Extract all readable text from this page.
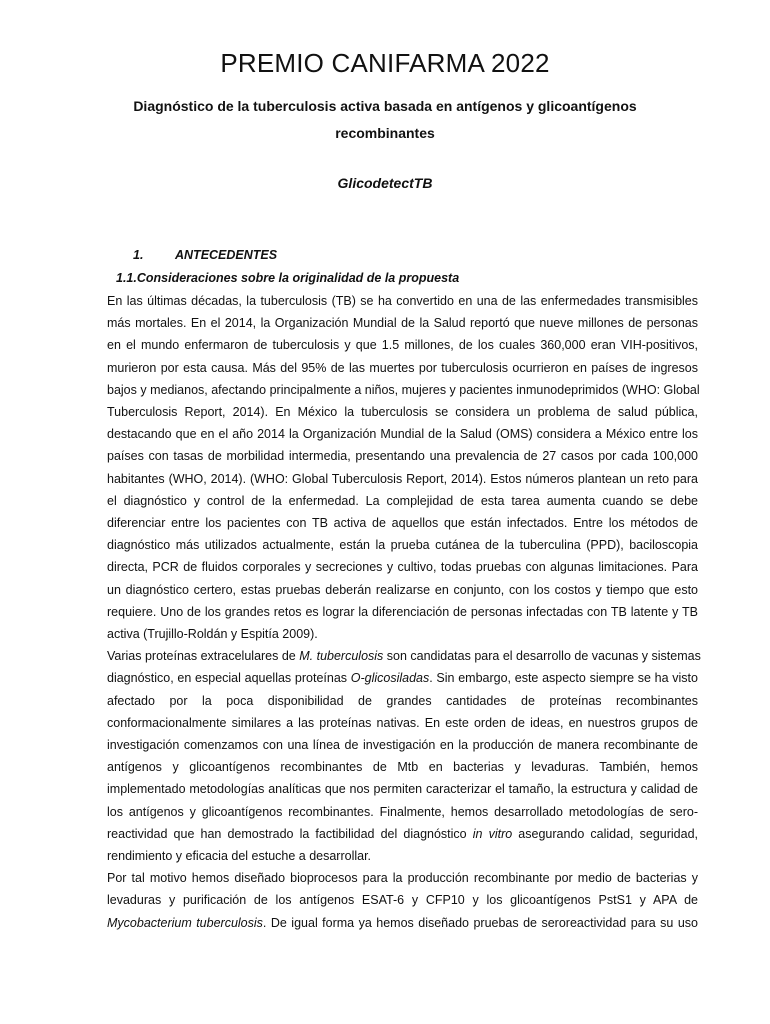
PREMIO CANIFARMA 2022
Diagnóstico de la tuberculosis activa basada en antígenos y glicoantígenos recombinantes
GlicodetectTB
1.	ANTECEDENTES
1.1.Consideraciones sobre la originalidad de la propuesta

En las últimas décadas, la tuberculosis (TB) se ha convertido en una de las enfermedades transmisibles
más mortales. En el 2014, la Organización Mundial de la Salud reportó que nueve millones de personas
en el mundo enfermaron de tuberculosis y que 1.5 millones, de los cuales 360,000 eran VIH-positivos,
murieron por esta causa. Más del 95% de las muertes por tuberculosis ocurrieron en países de ingresos
bajos y medianos, afectando principalmente a niños, mujeres y pacientes inmunodeprimidos (WHO: Global
Tuberculosis Report, 2014). En México la tuberculosis se considera un problema de salud pública,
destacando que en el año 2014 la Organización Mundial de la Salud (OMS) considera a México entre los
países con tasas de morbilidad intermedia, presentando una prevalencia de 27 casos por cada 100,000
habitantes (WHO, 2014). (WHO: Global Tuberculosis Report, 2014). Estos números plantean un reto para
el diagnóstico y control de la enfermedad. La complejidad de esta tarea aumenta cuando se debe
diferenciar entre los pacientes con TB activa de aquellos que están infectados. Entre los métodos de
diagnóstico más utilizados actualmente, están la prueba cutánea de la tuberculina (PPD), baciloscopia
directa, PCR de fluidos corporales y secreciones y cultivo, todas pruebas con algunas limitaciones. Para
un diagnóstico certero, estas pruebas deberán realizarse en conjunto, con los costos y tiempo que esto
requiere. Uno de los grandes retos es lograr la diferenciación de personas infectadas con TB latente y TB
activa (Trujillo-Roldán y Espitía 2009).

Varias proteínas extracelulares de M. tuberculosis son candidatas para el desarrollo de vacunas y sistemas
diagnóstico, en especial aquellas proteínas O-glicosiladas. Sin embargo, este aspecto siempre se ha visto
afectado por la poca disponibilidad de grandes cantidades de proteínas recombinantes
conformacionalmente similares a las proteínas nativas. En este orden de ideas, en nuestros grupos de
investigación comenzamos con una línea de investigación en la producción de manera recombinante de
antígenos y glicoantígenos recombinantes de Mtb en bacterias y levaduras. También, hemos
implementado metodologías analíticas que nos permiten caracterizar el tamaño, la estructura y calidad de
los antígenos y glicoantígenos recombinantes. Finalmente, hemos desarrollado metodologías de sero-
reactividad que han demostrado la factibilidad del diagnóstico in vitro asegurando calidad, seguridad,
rendimiento y eficacia del estuche a desarrollar.

Por tal motivo hemos diseñado bioprocesos para la producción recombinante por medio de bacterias y
levaduras y purificación de los antígenos ESAT-6 y CFP10 y los glicoantígenos PstS1 y APA de
Mycobacterium tuberculosis. De igual forma ya hemos diseñado pruebas de seroreactividad para su uso
